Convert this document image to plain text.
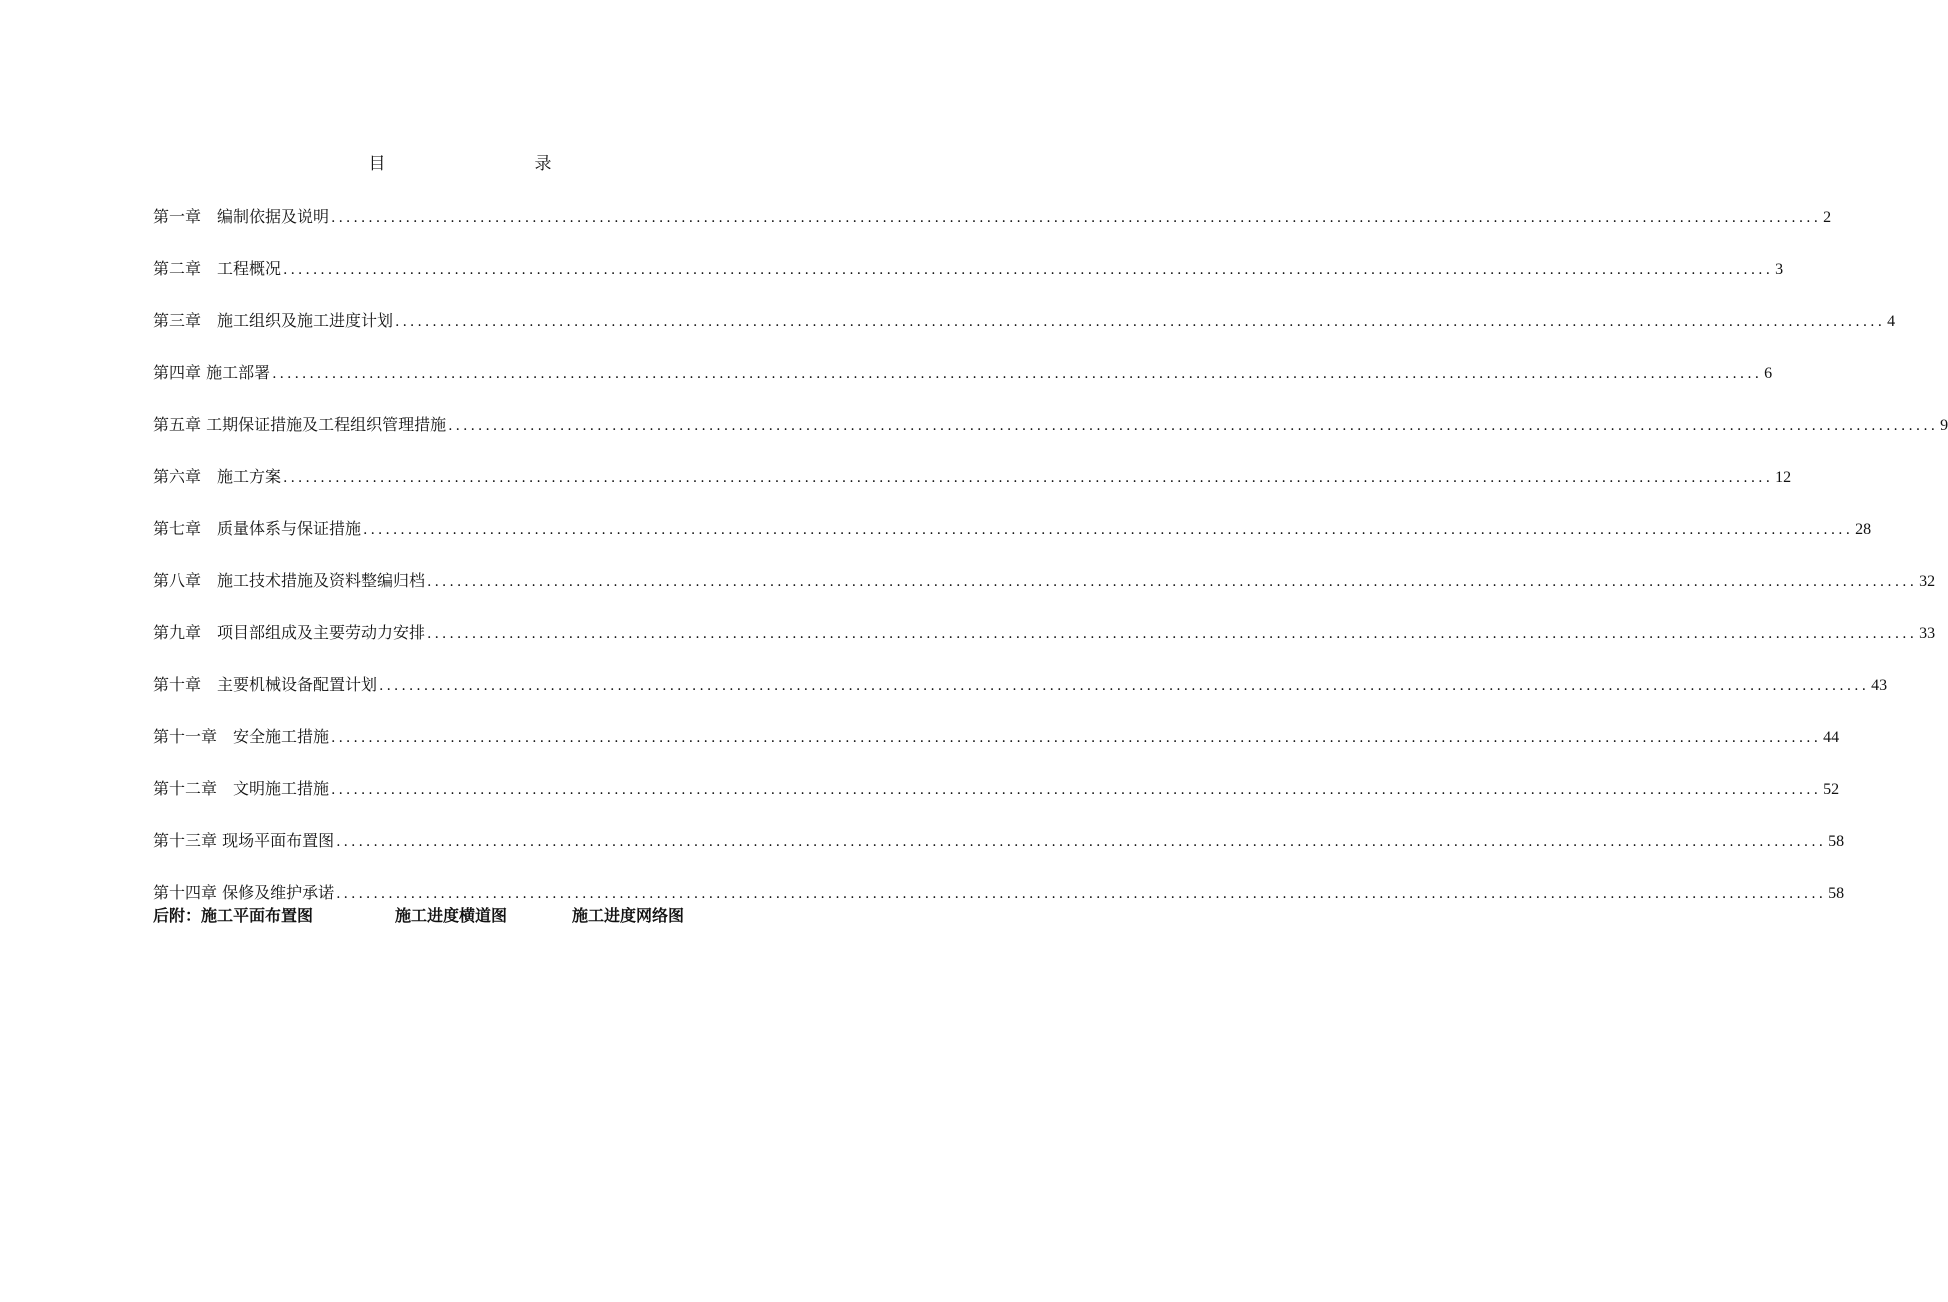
目　录
第一章　编制依据及说明 ........................................................................................................................................................................................................ 2
第二章　工程概况 ........................................................................................................................................................................................................ 3
第三章　施工组织及施工进度计划 ........................................................................................................................................................................................................ 4
第四章 施工部署 ........................................................................................................................................................................................................ 6
第五章 工期保证措施及工程组织管理措施 ........................................................................................................................................................................................................ 9
第六章　施工方案 ........................................................................................................................................................................................................ 12
第七章　质量体系与保证措施 ........................................................................................................................................................................................................ 28
第八章　施工技术措施及资料整编归档 ........................................................................................................................................................................................................ 32
第九章　项目部组成及主要劳动力安排 ........................................................................................................................................................................................................ 33
第十章　主要机械设备配置计划 ........................................................................................................................................................................................................ 43
第十一章　安全施工措施 ........................................................................................................................................................................................................ 44
第十二章　文明施工措施 ........................................................................................................................................................................................................ 52
第十三章 现场平面布置图 ........................................................................................................................................................................................................ 58
第十四章 保修及维护承诺 ........................................................................................................................................................................................................ 58
后附：施工平面布置图	施工进度横道图	施工进度网络图
